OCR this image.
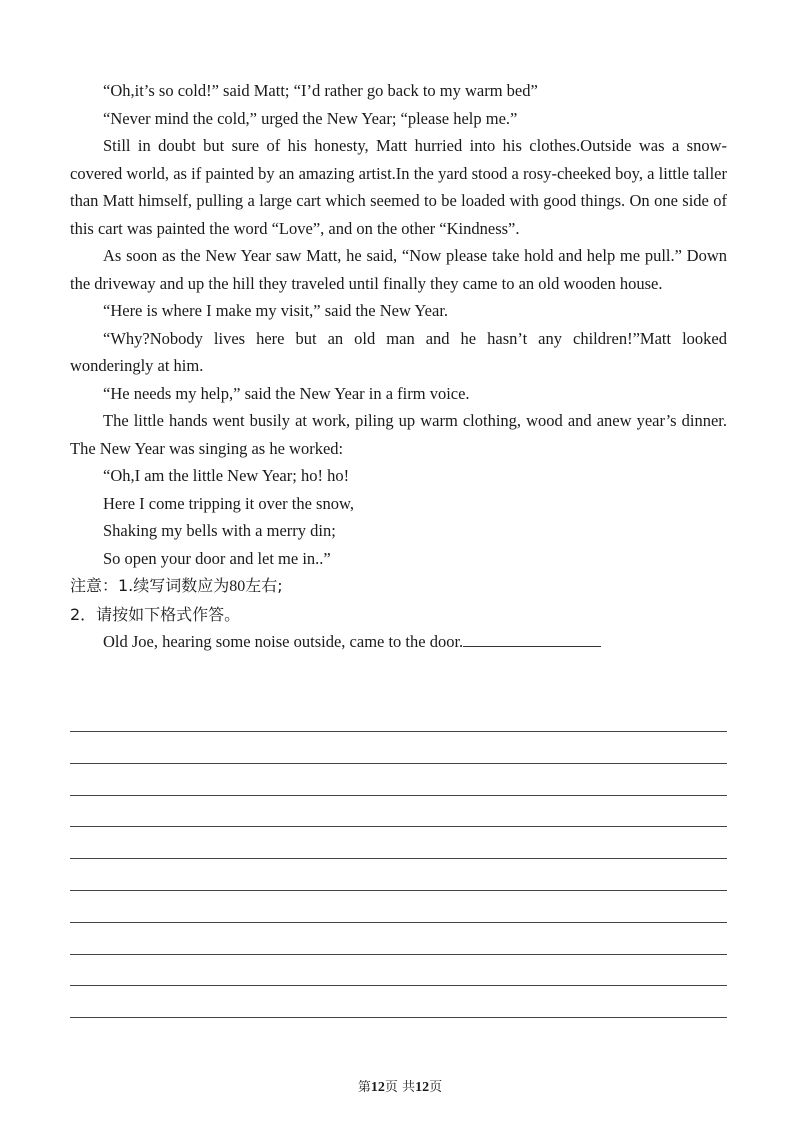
“Oh,it’s so cold!” said Matt; “I’d rather go back to my warm bed”

“Never mind the cold,” urged the New Year; “please help me.”

Still in doubt but sure of his honesty, Matt hurried into his clothes.Outside was a snow-covered world, as if painted by an amazing artist.In the yard stood a rosy-cheeked boy, a little taller than Matt himself, pulling a large cart which seemed to be loaded with good things. On one side of this cart was painted the word “Love”, and on the other “Kindness”.

As soon as the New Year saw Matt, he said, “Now please take hold and help me pull.” Down the driveway and up the hill they traveled until finally they came to an old wooden house.

“Here is where I make my visit,” said the New Year.

“Why?Nobody lives here but an old man and he hasn’t any children!”Matt looked wonderingly at him.

“He needs my help,” said the New Year in a firm voice.

The little hands went busily at work, piling up warm clothing, wood and anew year’s dinner. The New Year was singing as he worked:

“Oh,I am the little New Year; ho! ho!

Here I come tripping it over the snow,

Shaking my bells with a merry din;

So open your door and let me in..”

注意：1.续写词数应为80左右;

2．请按如下格式作答。

Old Joe, hearing some noise outside, came to the door.

第12页 共12页
